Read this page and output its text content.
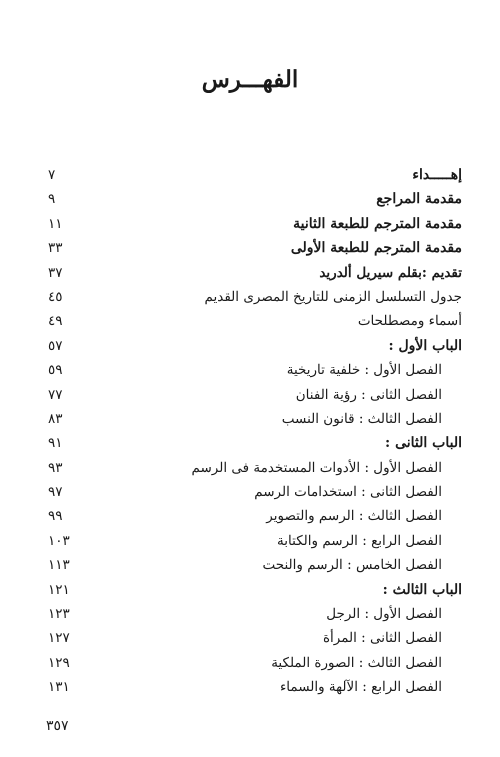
الفهـــرس
إهـــــداء
٧
مقدمة المراجع
٩
مقدمة المترجم للطبعة الثانية
١١
مقدمة المترجم للطبعة الأولى
٣٣
تقديم :بقلم سيريل ألدريد
٣٧
جدول التسلسل الزمنى للتاريخ المصرى القديم
٤٥
أسماء ومصطلحات
٤٩
الباب الأول :
٥٧
الفصل الأول : خلفية تاريخية
٥٩
الفصل الثانى : رؤية الفنان
٧٧
الفصل الثالث : قانون النسب
٨٣
الباب الثانى :
٩١
الفصل الأول : الأدوات المستخدمة فى الرسم
٩٣
الفصل الثانى : استخدامات الرسم
٩٧
الفصل الثالث : الرسم والتصوير
٩٩
الفصل الرابع : الرسم والكتابة
١٠٣
الفصل الخامس : الرسم والنحت
١١٣
الباب الثالث :
١٢١
الفصل الأول : الرجل
١٢٣
الفصل الثانى : المرأة
١٢٧
الفصل الثالث : الصورة الملكية
١٢٩
الفصل الرابع : الآلهة والسماء
١٣١
٣٥٧
